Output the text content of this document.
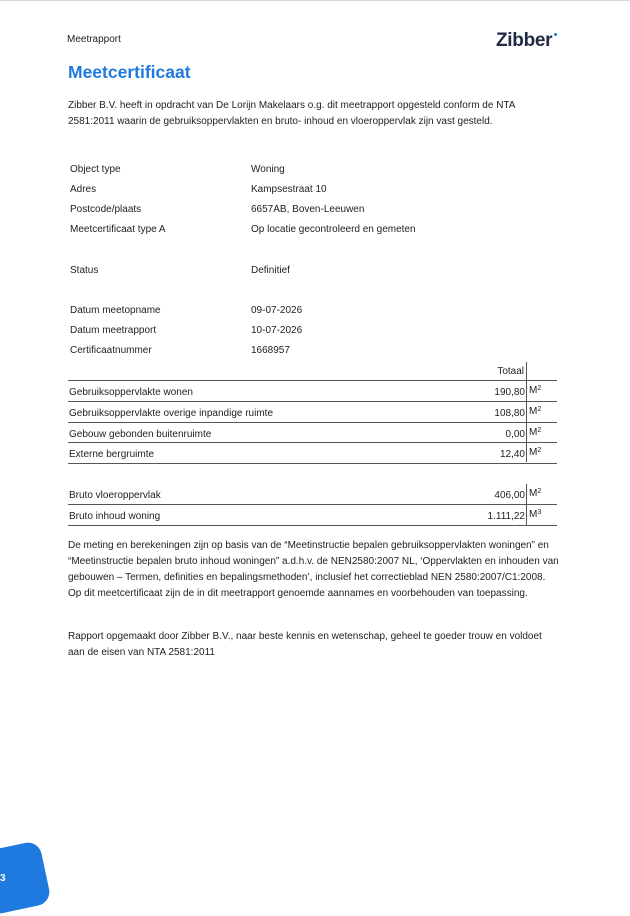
Meetrapport	Zibber
Meetcertificaat
Zibber B.V. heeft in opdracht van De Lorijn Makelaars o.g. dit meetrapport opgesteld conform de NTA 2581:2011 waarin de gebruiksoppervlakten en bruto- inhoud en vloeroppervlak zijn vast gesteld.
Object type	Woning
Adres	Kampsestraat 10
Postcode/plaats	6657AB, Boven-Leeuwen
Meetcertificaat type A	Op locatie gecontroleerd en gemeten
Status	Definitief
Datum meetopname	09-07-2026
Datum meetrapport	10-07-2026
Certificaatnummer	1668957
Totaal
Gebruiksoppervlakte wonen	190,80 $M^2$
Gebruiksoppervlakte overige inpandige ruimte	108,80 $M^2$
Gebouw gebonden buitenruimte	0,00 $M^2$
Externe bergruimte	12,40 $M^2$
Bruto vloeroppervlak	406,00 $M^2$
Bruto inhoud woning	1.111,22 $M^3$
De meting en berekeningen zijn op basis van de “Meetinstructie bepalen gebruiksoppervlakten woningen” en “Meetinstructie bepalen bruto inhoud woningen” a.d.h.v. de NEN2580:2007 NL, ‘Oppervlakten en inhouden van gebouwen – Termen, definities en bepalingsmethoden’, inclusief het correctieblad NEN 2580:2007/C1:2008. Op dit meetcertificaat zijn de in dit meetrapport genoemde aannames en voorbehouden van toepassing.
Rapport opgemaakt door Zibber B.V., naar beste kennis en wetenschap, geheel te goeder trouw en voldoet aan de eisen van NTA 2581:2011
3
